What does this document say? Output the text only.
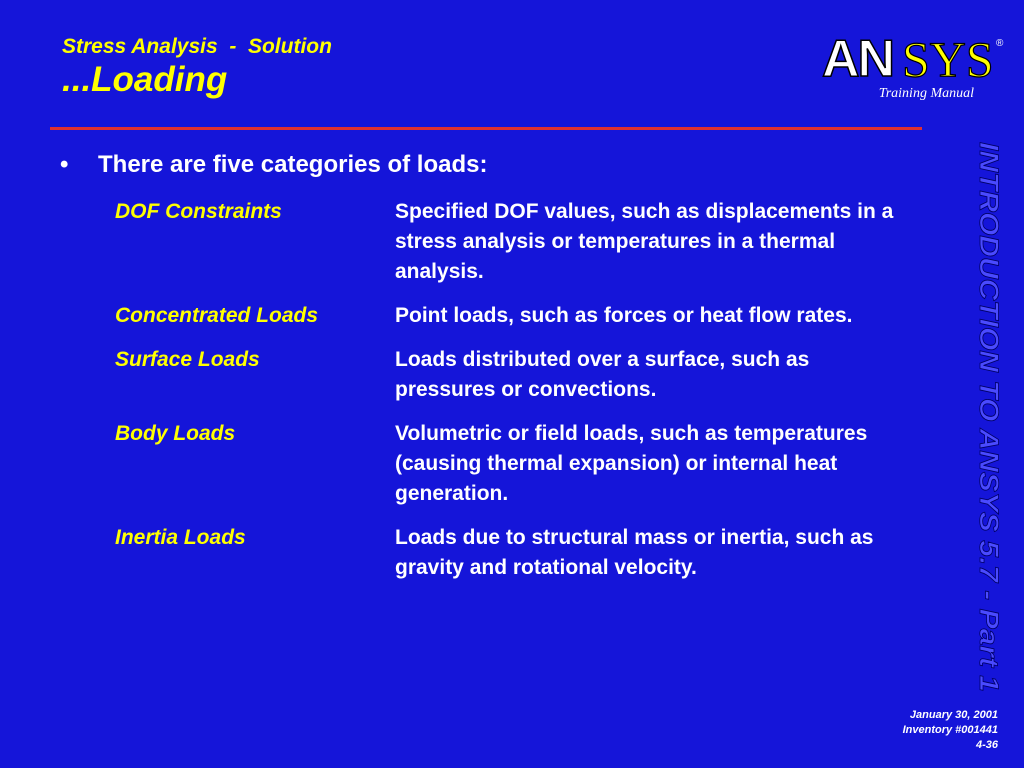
Stress Analysis  -  Solution
...Loading	AN SYS ®
Training Manual
• There are five categories of loads:
DOF Constraints	Specified DOF values, such as displacements in a stress analysis or temperatures in a thermal analysis.
Concentrated Loads	Point loads, such as forces or heat flow rates.
Surface Loads	Loads distributed over a surface, such as pressures or convections.
Body Loads	Volumetric or field loads, such as temperatures (causing thermal expansion) or internal heat generation.
Inertia Loads	Loads due to structural mass or inertia, such as gravity and rotational velocity.	INTRODUCTION TO ANSYS 5.7 - Part 1
January 30, 2001
Inventory #001441
4-36
